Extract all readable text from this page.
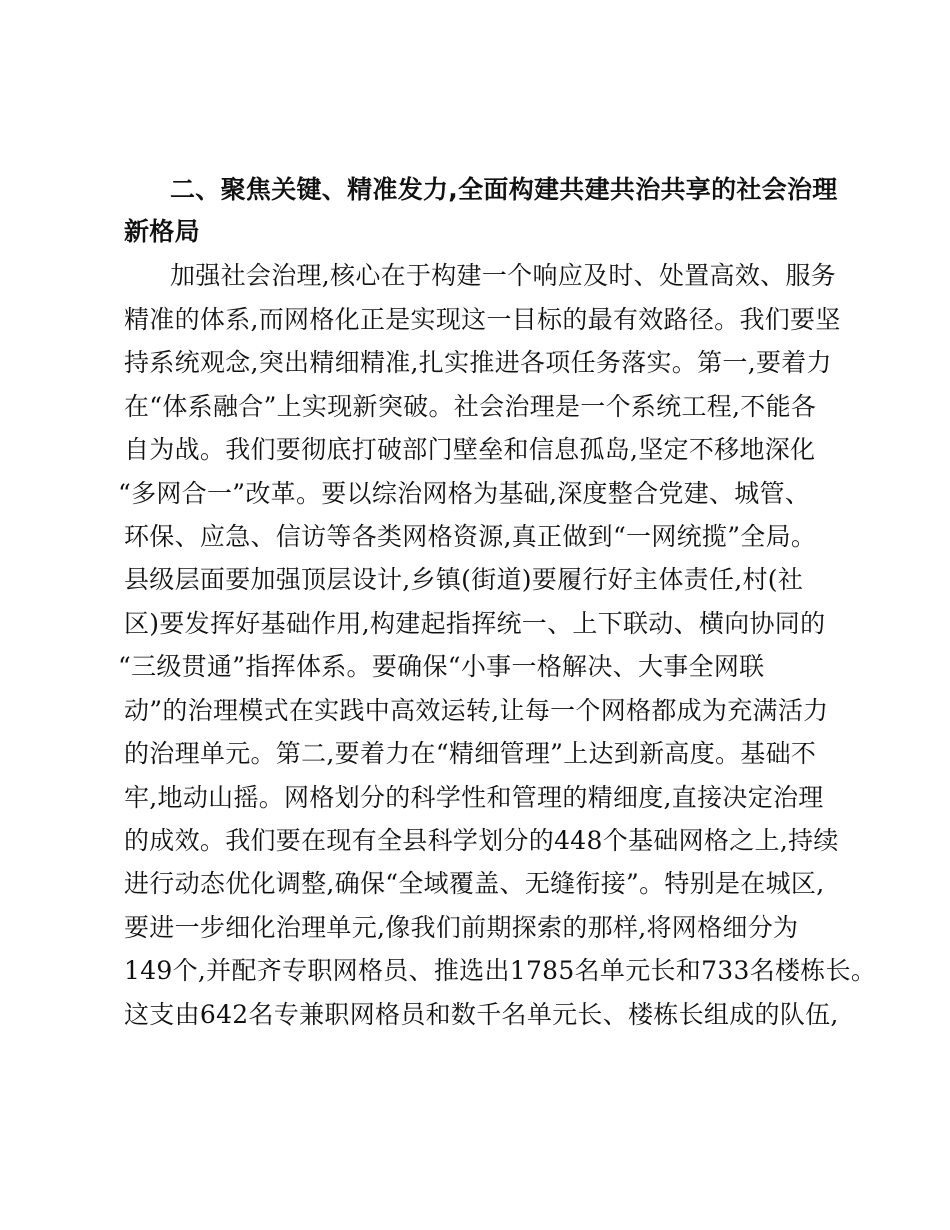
二、聚焦关键、精准发力,全面构建共建共治共享的社会治理
新格局
加强社会治理,核心在于构建一个响应及时、处置高效、服务
精准的体系,而网格化正是实现这一目标的最有效路径。我们要坚
持系统观念,突出精细精准,扎实推进各项任务落实。第一,要着力
在“体系融合”上实现新突破。社会治理是一个系统工程,不能各
自为战。我们要彻底打破部门壁垒和信息孤岛,坚定不移地深化
“多网合一”改革。要以综治网格为基础,深度整合党建、城管、
环保、应急、信访等各类网格资源,真正做到“一网统揽”全局。
县级层面要加强顶层设计,乡镇(街道)要履行好主体责任,村(社
区)要发挥好基础作用,构建起指挥统一、上下联动、横向协同的
“三级贯通”指挥体系。要确保“小事一格解决、大事全网联
动”的治理模式在实践中高效运转,让每一个网格都成为充满活力
的治理单元。第二,要着力在“精细管理”上达到新高度。基础不
牢,地动山摇。网格划分的科学性和管理的精细度,直接决定治理
的成效。我们要在现有全县科学划分的448个基础网格之上,持续
进行动态优化调整,确保“全域覆盖、无缝衔接”。特别是在城区,
要进一步细化治理单元,像我们前期探索的那样,将网格细分为
149个,并配齐专职网格员、推选出1785名单元长和733名楼栋长。
这支由642名专兼职网格员和数千名单元长、楼栋长组成的队伍,
